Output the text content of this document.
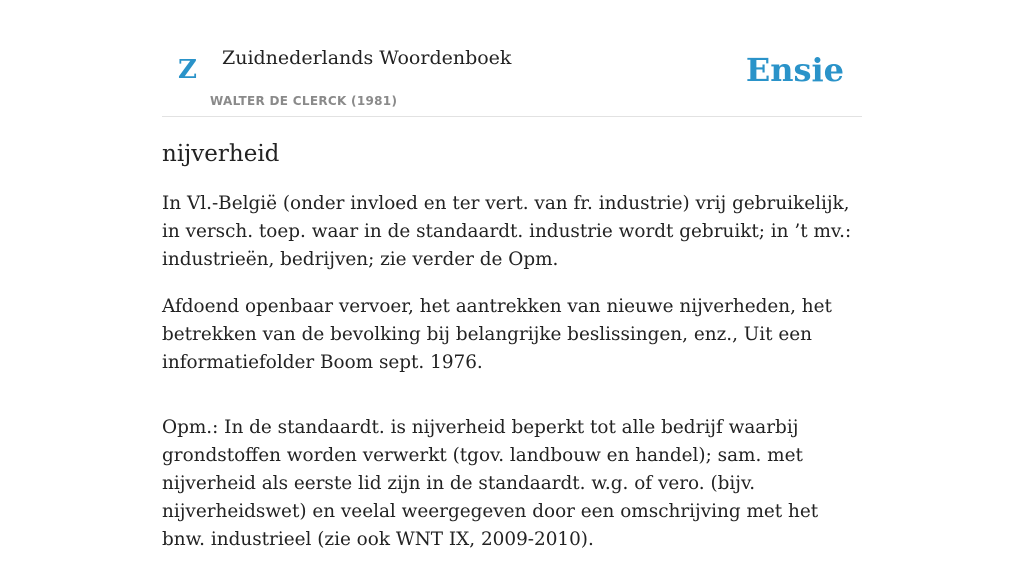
Z Zuidnederlands Woordenboek
WALTER DE CLERCK (1981)
Ensie
nijverheid

In Vl.-België (onder invloed en ter vert. van fr. industrie) vrij gebruikelijk, in versch. toep. waar in de standaardt. industrie wordt gebruikt; in ’t mv.: industrieën, bedrijven; zie verder de Opm.

Afdoend openbaar vervoer, het aantrekken van nieuwe nijverheden, het betrekken van de bevolking bij belangrijke beslissingen, enz., Uit een informatiefolder Boom sept. 1976.

Opm.: In de standaardt. is nijverheid beperkt tot alle bedrijf waarbij grondstoffen worden verwerkt (tgov. landbouw en handel); sam. met nijverheid als eerste lid zijn in de standaardt. w.g. of vero. (bijv. nijverheidswet) en veelal weergegeven door een omschrijving met het bnw. industrieel (zie ook WNT IX, 2009-2010).
